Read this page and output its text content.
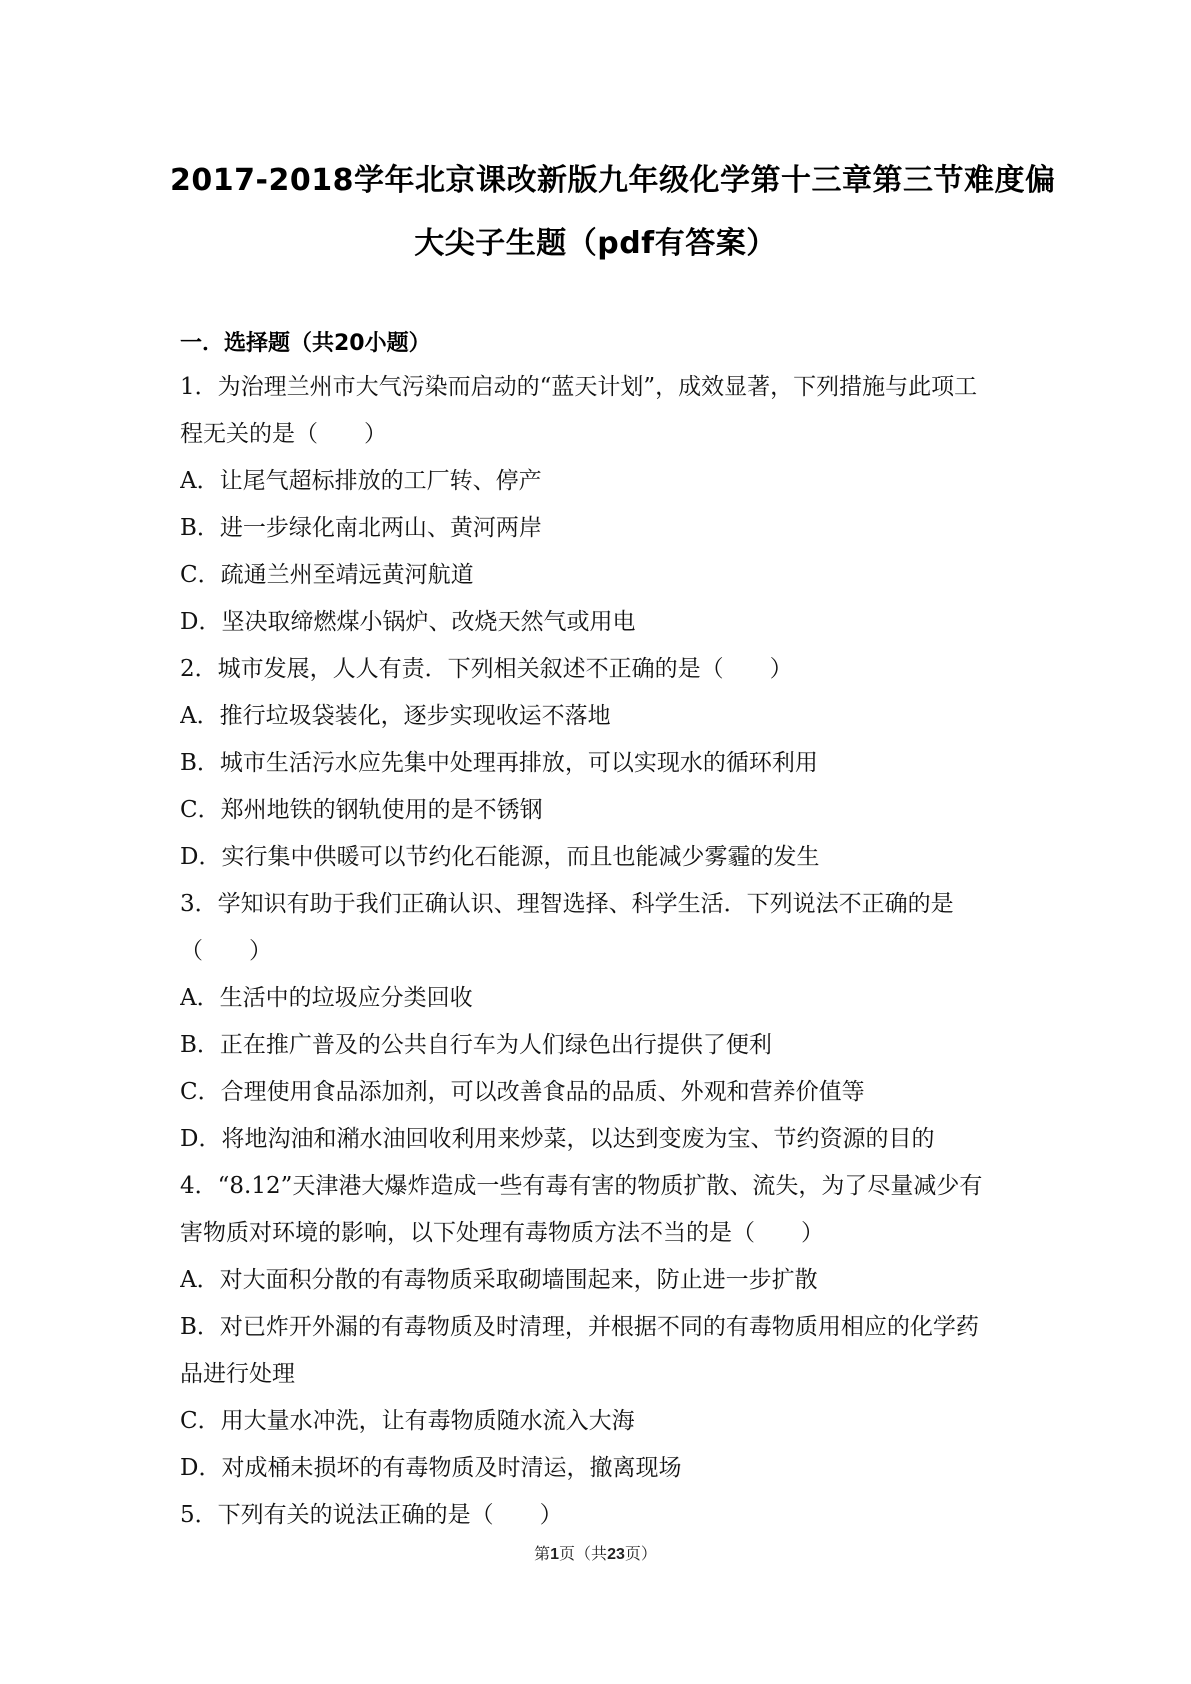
2017-2018学年北京课改新版九年级化学第十三章第三节难度偏
大尖子生题（pdf有答案）
一．选择题（共20小题）
1．为治理兰州市大气污染而启动的“蓝天计划”，成效显著，下列措施与此项工
程无关的是（　　）
A．让尾气超标排放的工厂转、停产
B．进一步绿化南北两山、黄河两岸
C．疏通兰州至靖远黄河航道
D．坚决取缔燃煤小锅炉、改烧天然气或用电
2．城市发展，人人有责．下列相关叙述不正确的是（　　）
A．推行垃圾袋装化，逐步实现收运不落地
B．城市生活污水应先集中处理再排放，可以实现水的循环利用
C．郑州地铁的钢轨使用的是不锈钢
D．实行集中供暖可以节约化石能源，而且也能减少雾霾的发生
3．学知识有助于我们正确认识、理智选择、科学生活．下列说法不正确的是
（　　）
A．生活中的垃圾应分类回收
B．正在推广普及的公共自行车为人们绿色出行提供了便利
C．合理使用食品添加剂，可以改善食品的品质、外观和营养价值等
D．将地沟油和潲水油回收利用来炒菜，以达到变废为宝、节约资源的目的
4．“8.12”天津港大爆炸造成一些有毒有害的物质扩散、流失，为了尽量减少有
害物质对环境的影响，以下处理有毒物质方法不当的是（　　）
A．对大面积分散的有毒物质采取砌墙围起来，防止进一步扩散
B．对已炸开外漏的有毒物质及时清理，并根据不同的有毒物质用相应的化学药
品进行处理
C．用大量水冲洗，让有毒物质随水流入大海
D．对成桶未损坏的有毒物质及时清运，撤离现场
5．下列有关的说法正确的是（　　）
第1页（共23页）
